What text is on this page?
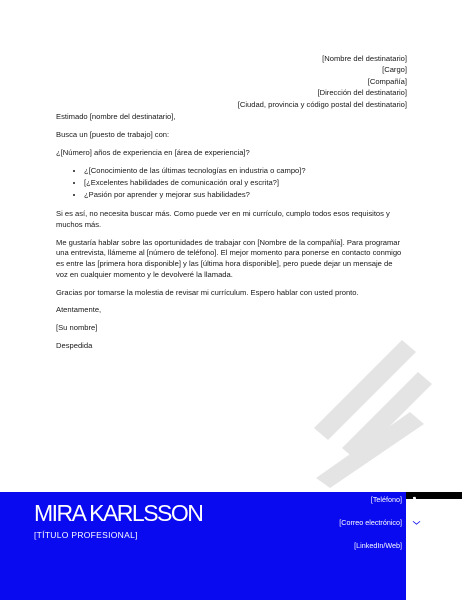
[Nombre del destinatario]
[Cargo]
[Compañía]
[Dirección del destinatario]
[Ciudad, provincia y código postal del destinatario]

Estimado [nombre del destinatario],

Busca un [puesto de trabajo] con:

¿[Número] años de experiencia en [área de experiencia]?

• ¿[Conocimiento de las últimas tecnologías en industria o campo]?
• [¿Excelentes habilidades de comunicación oral y escrita?]
• ¿Pasión por aprender y mejorar sus habilidades?

Si es así, no necesita buscar más. Como puede ver en mi currículo, cumplo todos esos requisitos y muchos más.

Me gustaría hablar sobre las oportunidades de trabajar con [Nombre de la compañía]. Para programar una entrevista, llámeme al [número de teléfono]. El mejor momento para ponerse en contacto conmigo es entre las [primera hora disponible] y las [última hora disponible], pero puede dejar un mensaje de voz en cualquier momento y le devolveré la llamada.

Gracias por tomarse la molestia de revisar mi currículum. Espero hablar con usted pronto.

Atentamente,
[Su nombre]
Despedida
MIRA KARLSSON
[TÍTULO PROFESIONAL]
[Teléfono]
[Correo electrónico]
[LinkedIn/Web]
